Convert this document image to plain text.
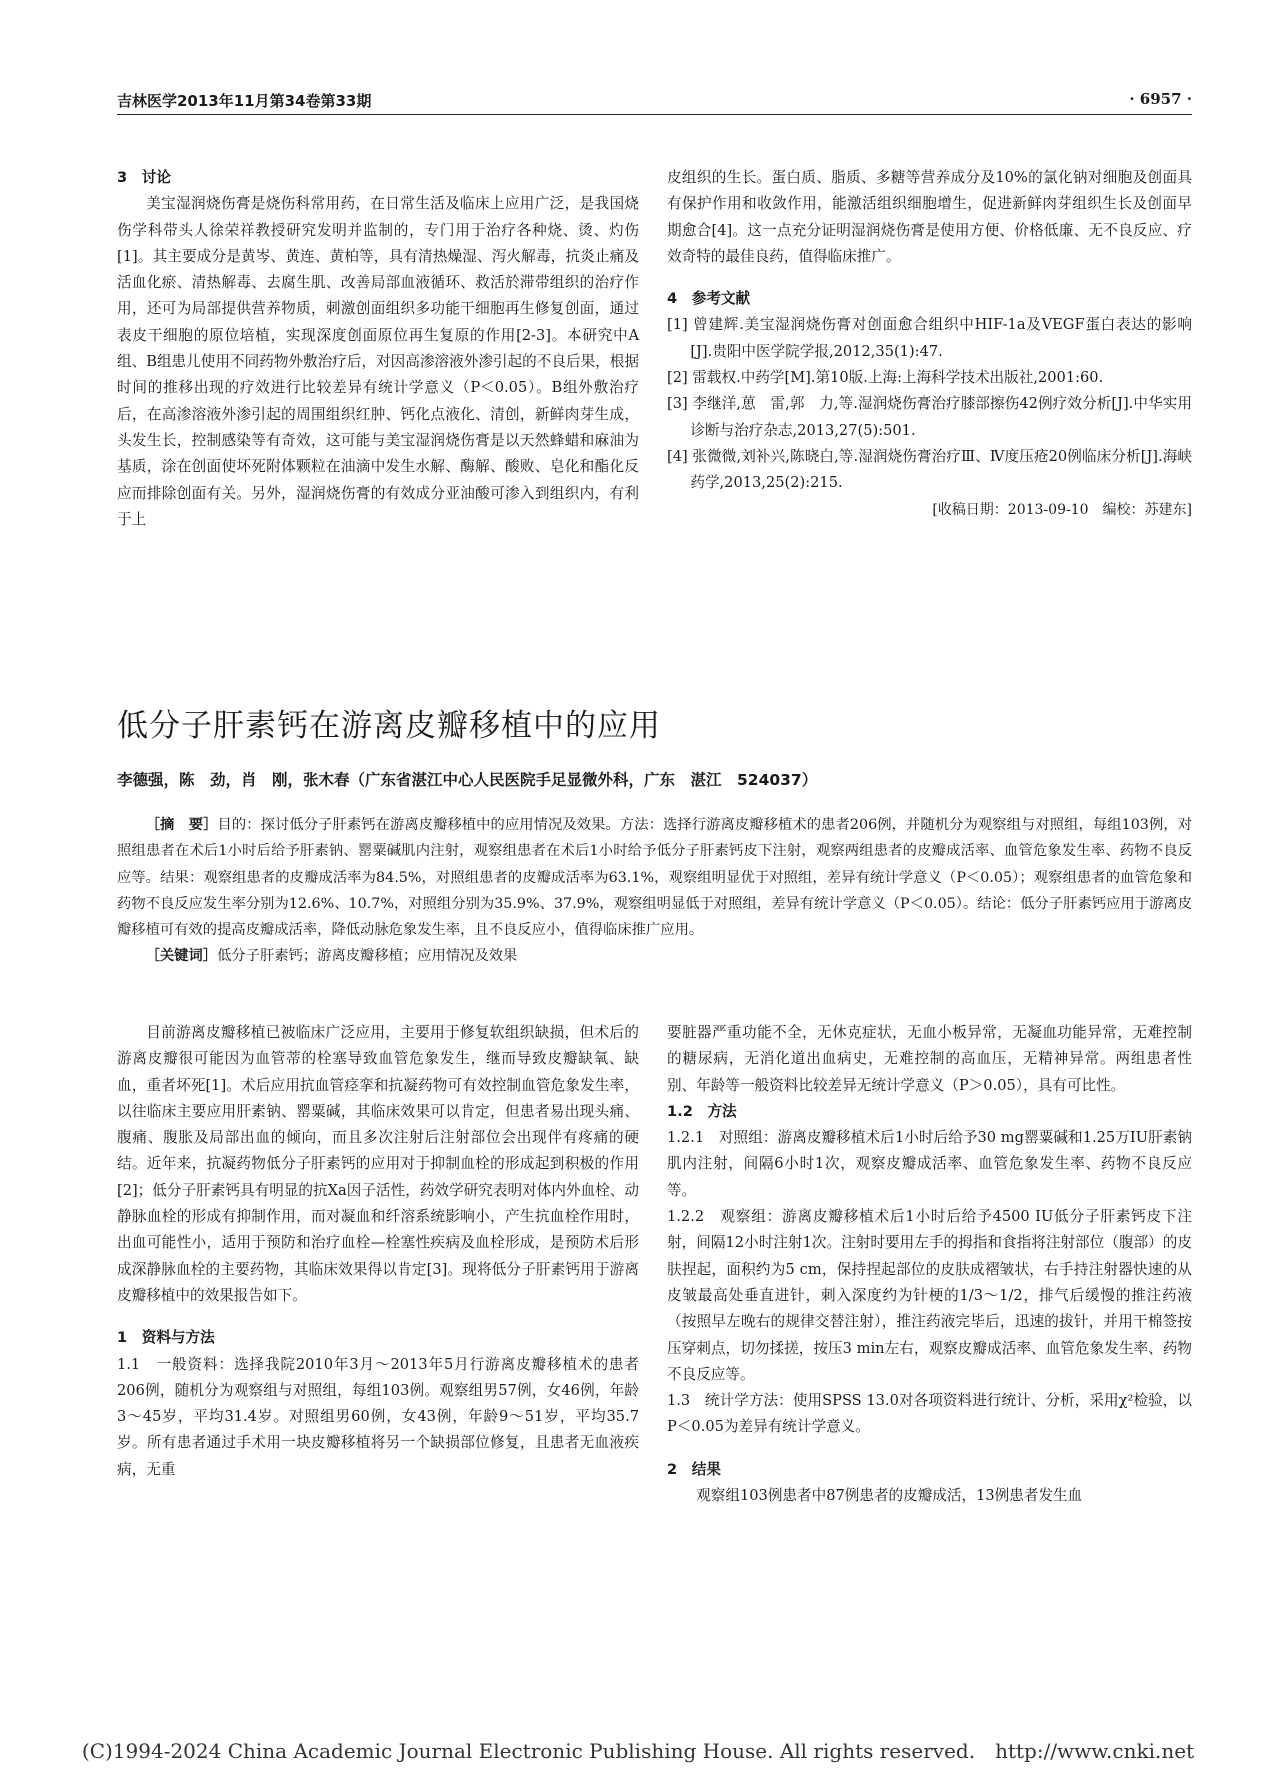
吉林医学2013年11月第34卷第33期	· 6957 ·

3　讨论

美宝湿润烧伤膏是烧伤科常用药，在日常生活及临床上应用广泛，是我国烧伤学科带头人徐荣祥教授研究发明并监制的，专门用于治疗各种烧、烫、灼伤[1]。其主要成分是黄岑、黄连、黄柏等，具有清热燥湿、泻火解毒，抗炎止痛及活血化瘀、清热解毒、去腐生肌、改善局部血液循环、救活於滞带组织的治疗作用，还可为局部提供营养物质，刺激创面组织多功能干细胞再生修复创面，通过表皮干细胞的原位培植，实现深度创面原位再生复原的作用[2-3]。本研究中A组、B组患儿使用不同药物外敷治疗后，对因高渗溶液外渗引起的不良后果，根据时间的推移出现的疗效进行比较差异有统计学意义（P＜0.05）。B组外敷治疗后，在高渗溶液外渗引起的周围组织红肿、钙化点液化、清创，新鲜肉芽生成，头发生长，控制感染等有奇效，这可能与美宝湿润烧伤膏是以天然蜂蜡和麻油为基质，涂在创面使坏死附体颗粒在油滴中发生水解、酶解、酸败、皂化和酯化反应而排除创面有关。另外，湿润烧伤膏的有效成分亚油酸可渗入到组织内，有利于上

皮组织的生长。蛋白质、脂质、多糖等营养成分及10%的氯化钠对细胞及创面具有保护作用和收敛作用，能激活组织细胞增生，促进新鲜肉芽组织生长及创面早期愈合[4]。这一点充分证明湿润烧伤膏是使用方便、价格低廉、无不良反应、疗效奇特的最佳良药，值得临床推广。

4　参考文献

[1] 曾建辉.美宝湿润烧伤膏对创面愈合组织中HIF-1a及VEGF蛋白表达的影响[J].贵阳中医学院学报,2012,35(1):47.

[2] 雷载权.中药学[M].第10版.上海:上海科学技术出版社,2001:60.

[3] 李继洋,葸　雷,郭　力,等.湿润烧伤膏治疗膝部擦伤42例疗效分析[J].中华实用诊断与治疗杂志,2013,27(5):501.

[4] 张微微,刘补兴,陈晓白,等.湿润烧伤膏治疗Ⅲ、Ⅳ度压疮20例临床分析[J].海峡药学,2013,25(2):215.

[收稿日期：2013-09-10　编校：苏建东]

低分子肝素钙在游离皮瓣移植中的应用
李德强，陈　劲，肖　刚，张木春（广东省湛江中心人民医院手足显微外科，广东　湛江　524037）

［摘　要］目的：探讨低分子肝素钙在游离皮瓣移植中的应用情况及效果。方法：选择行游离皮瓣移植术的患者206例，并随机分为观察组与对照组，每组103例，对照组患者在术后1小时后给予肝素钠、罂粟碱肌内注射，观察组患者在术后1小时给予低分子肝素钙皮下注射，观察两组患者的皮瓣成活率、血管危象发生率、药物不良反应等。结果：观察组患者的皮瓣成活率为84.5%，对照组患者的皮瓣成活率为63.1%，观察组明显优于对照组，差异有统计学意义（P＜0.05）；观察组患者的血管危象和药物不良反应发生率分别为12.6%、10.7%，对照组分别为35.9%、37.9%，观察组明显低于对照组，差异有统计学意义（P＜0.05）。结论：低分子肝素钙应用于游离皮瓣移植可有效的提高皮瓣成活率，降低动脉危象发生率，且不良反应小，值得临床推广应用。

［关键词］低分子肝素钙；游离皮瓣移植；应用情况及效果

目前游离皮瓣移植已被临床广泛应用，主要用于修复软组织缺损，但术后的游离皮瓣很可能因为血管蒂的栓塞导致血管危象发生，继而导致皮瓣缺氧、缺血，重者坏死[1]。术后应用抗血管痉挛和抗凝药物可有效控制血管危象发生率，以往临床主要应用肝素钠、罂粟碱，其临床效果可以肯定，但患者易出现头痛、腹痛、腹胀及局部出血的倾向，而且多次注射后注射部位会出现伴有疼痛的硬结。近年来，抗凝药物低分子肝素钙的应用对于抑制血栓的形成起到积极的作用[2]；低分子肝素钙具有明显的抗Xa因子活性，药效学研究表明对体内外血栓、动静脉血栓的形成有抑制作用，而对凝血和纤溶系统影响小，产生抗血栓作用时，出血可能性小，适用于预防和治疗血栓—栓塞性疾病及血栓形成，是预防术后形成深静脉血栓的主要药物，其临床效果得以肯定[3]。现将低分子肝素钙用于游离皮瓣移植中的效果报告如下。

1　资料与方法

1.1　一般资料：选择我院2010年3月～2013年5月行游离皮瓣移植术的患者206例，随机分为观察组与对照组，每组103例。观察组男57例，女46例，年龄3～45岁，平均31.4岁。对照组男60例，女43例，年龄9～51岁，平均35.7岁。所有患者通过手术用一块皮瓣移植将另一个缺损部位修复，且患者无血液疾病，无重

要脏器严重功能不全，无休克症状，无血小板异常，无凝血功能异常，无难控制的糖尿病，无消化道出血病史，无难控制的高血压，无精神异常。两组患者性别、年龄等一般资料比较差异无统计学意义（P＞0.05），具有可比性。

1.2　方法

1.2.1　对照组：游离皮瓣移植术后1小时后给予30 mg罂粟碱和1.25万IU肝素钠肌内注射，间隔6小时1次，观察皮瓣成活率、血管危象发生率、药物不良反应等。

1.2.2　观察组：游离皮瓣移植术后1小时后给予4500 IU低分子肝素钙皮下注射，间隔12小时注射1次。注射时要用左手的拇指和食指将注射部位（腹部）的皮肤捏起，面积约为5 cm，保持捏起部位的皮肤成褶皱状，右手持注射器快速的从皮皱最高处垂直进针，刺入深度约为针梗的1/3～1/2，排气后缓慢的推注药液（按照早左晚右的规律交替注射），推注药液完毕后，迅速的拔针，并用干棉签按压穿刺点，切勿揉搓，按压3 min左右，观察皮瓣成活率、血管危象发生率、药物不良反应等。

1.3　统计学方法：使用SPSS 13.0对各项资料进行统计、分析，采用χ²检验，以P＜0.05为差异有统计学意义。

2　结果

观察组103例患者中87例患者的皮瓣成活，13例患者发生血

(C)1994-2024 China Academic Journal Electronic Publishing House. All rights reserved.　http://www.cnki.net
